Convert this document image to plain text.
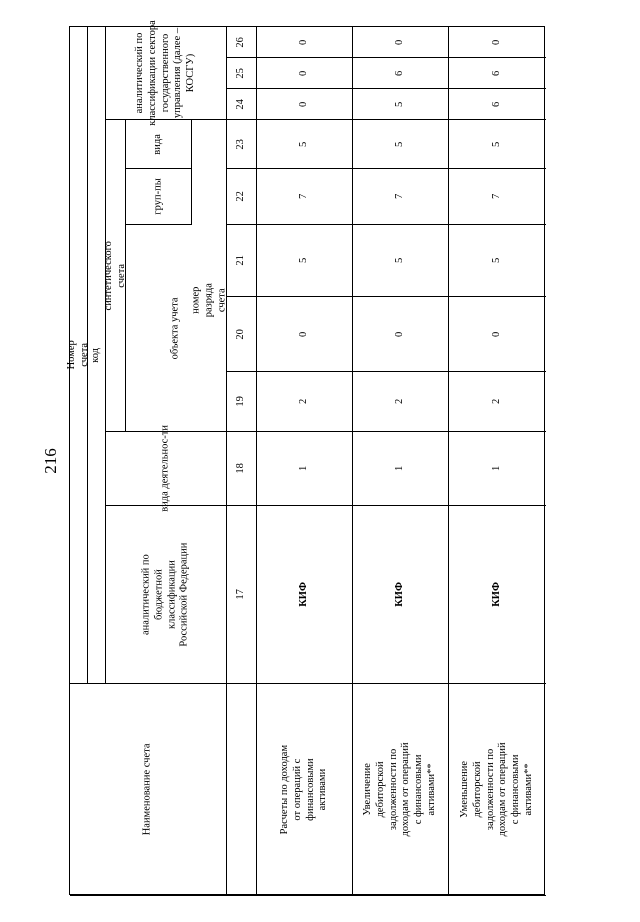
216
Номер счета код
аналитический по бюджетной классификации Российской Федерации
вида деятельнос-ти
синтетического счета
объекта учета
груп-пы
вида
аналитический по классификации сектора государственного управления (далее – КОСГУ)
Наименование счета
номер разряда счета
17
18
19
20
21
22
23
24
25
26
Расчеты по доходам от операций с финансовыми активами
КИФ
1
2
0
5
7
5
0
0
0
Увеличение дебиторской задолженности по доходам от операций с финансовыми активами**
КИФ
1
2
0
5
7
5
5
6
0
Уменьшение дебиторской задолженности по доходам от операций с финансовыми активами**
КИФ
1
2
0
5
7
5
6
6
0
